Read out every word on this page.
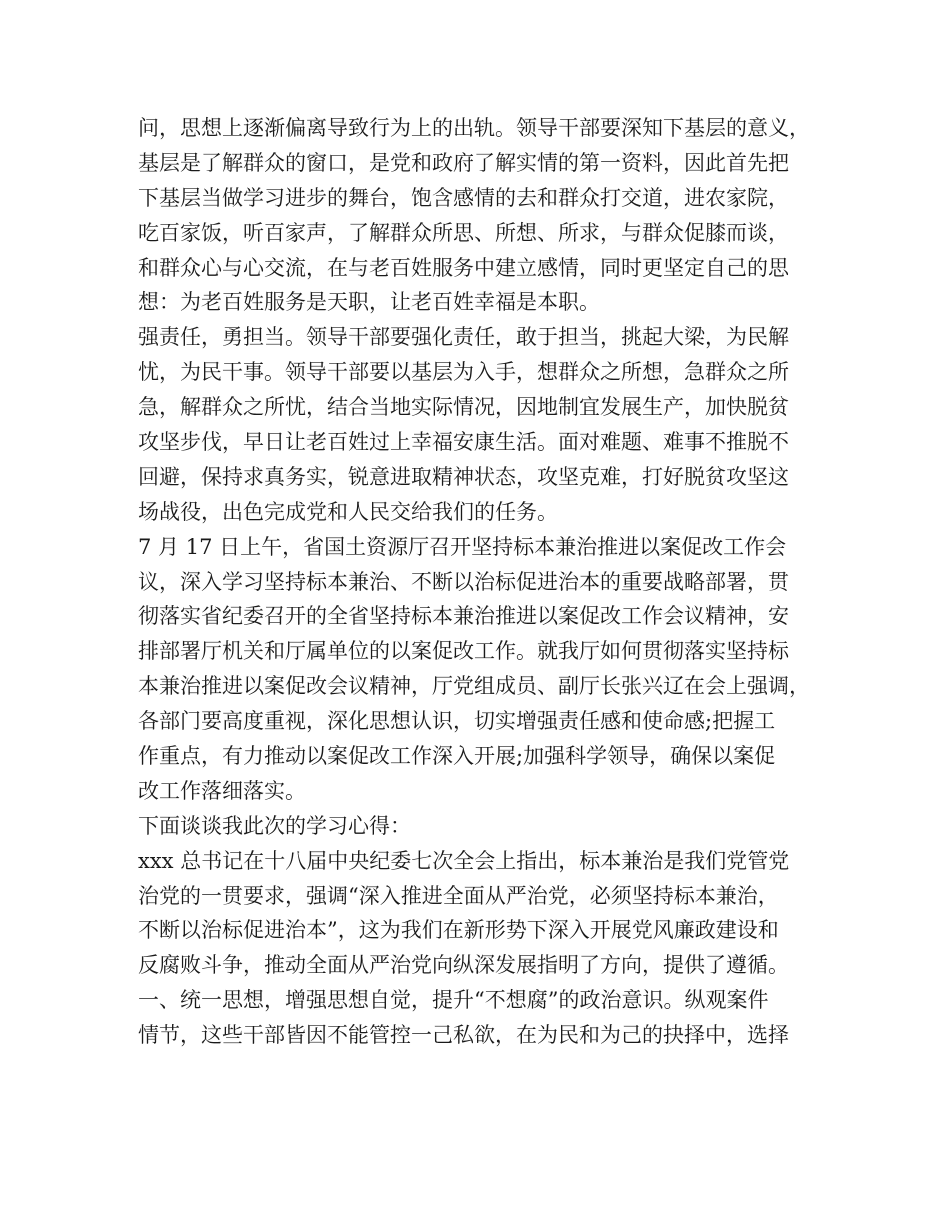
问，思想上逐渐偏离导致行为上的出轨。领导干部要深知下基层的意义，
基层是了解群众的窗口，是党和政府了解实情的第一资料，因此首先把
下基层当做学习进步的舞台，饱含感情的去和群众打交道，进农家院，
吃百家饭，听百家声，了解群众所思、所想、所求，与群众促膝而谈，
和群众心与心交流，在与老百姓服务中建立感情，同时更坚定自己的思
想：为老百姓服务是天职，让老百姓幸福是本职。
强责任，勇担当。领导干部要强化责任，敢于担当，挑起大梁，为民解
忧，为民干事。领导干部要以基层为入手，想群众之所想，急群众之所
急，解群众之所忧，结合当地实际情况，因地制宜发展生产，加快脱贫
攻坚步伐，早日让老百姓过上幸福安康生活。面对难题、难事不推脱不
回避，保持求真务实，锐意进取精神状态，攻坚克难，打好脱贫攻坚这
场战役，出色完成党和人民交给我们的任务。
7 月 17 日上午，省国土资源厅召开坚持标本兼治推进以案促改工作会
议，深入学习坚持标本兼治、不断以治标促进治本的重要战略部署，贯
彻落实省纪委召开的全省坚持标本兼治推进以案促改工作会议精神，安
排部署厅机关和厅属单位的以案促改工作。就我厅如何贯彻落实坚持标
本兼治推进以案促改会议精神，厅党组成员、副厅长张兴辽在会上强调，
各部门要高度重视，深化思想认识，切实增强责任感和使命感;把握工
作重点，有力推动以案促改工作深入开展;加强科学领导，确保以案促
改工作落细落实。
下面谈谈我此次的学习心得：
xxx 总书记在十八届中央纪委七次全会上指出，标本兼治是我们党管党
治党的一贯要求，强调“深入推进全面从严治党，必须坚持标本兼治，
不断以治标促进治本”，这为我们在新形势下深入开展党风廉政建设和
反腐败斗争，推动全面从严治党向纵深发展指明了方向，提供了遵循。
一、统一思想，增强思想自觉，提升“不想腐”的政治意识。纵观案件
情节，这些干部皆因不能管控一己私欲，在为民和为己的抉择中，选择
